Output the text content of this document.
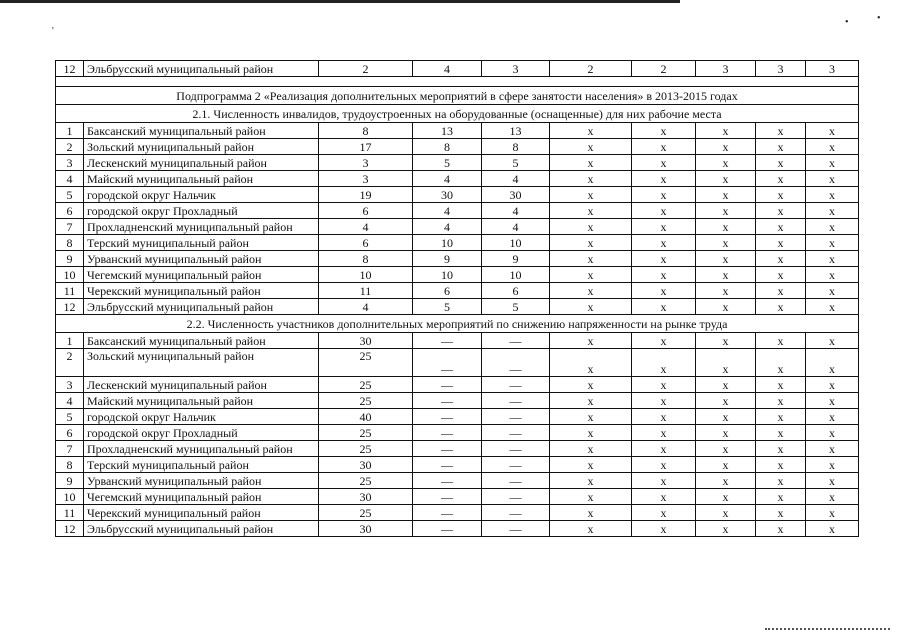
'
•	•
12	Эльбрусский муниципальный район	2	4	3	2	2	3	3	3

Подпрограмма 2 «Реализация дополнительных мероприятий в сфере занятости населения» в 2013-2015 годах									
2.1. Численность инвалидов, трудоустроенных на оборудованные (оснащенные) для них рабочие места									
1	Баксанский муниципальный район	8	13	13	x	x	x	x	x
2	Зольский муниципальный район	17	8	8	x	x	x	x	x
3	Лескенский муниципальный район	3	5	5	x	x	x	x	x
4	Майский муниципальный район	3	4	4	x	x	x	x	x
5	городской округ Нальчик	19	30	30	x	x	x	x	x
6	городской округ Прохладный	6	4	4	x	x	x	x	x
7	Прохладненский муниципальный район	4	4	4	x	x	x	x	x
8	Терский муниципальный район	6	10	10	x	x	x	x	x
9	Урванский муниципальный район	8	9	9	x	x	x	x	x
10	Чегемский муниципальный район	10	10	10	x	x	x	x	x
11	Черекский муниципальный район	11	6	6	x	x	x	x	x
12	Эльбрусский муниципальный район	4	5	5	x	x	x	x	x
2.2. Численность участников дополнительных мероприятий по снижению напряженности на рынке труда									
1	Баксанский муниципальный район	30	—	—	x	x	x	x	x
2	Зольский муниципальный район	25	—	—	x	x	x	x	x
3	Лескенский муниципальный район	25	—	—	x	x	x	x	x
4	Майский муниципальный район	25	—	—	x	x	x	x	x
5	городской округ Нальчик	40	—	—	x	x	x	x	x
6	городской округ Прохладный	25	—	—	x	x	x	x	x
7	Прохладненский муниципальный район	25	—	—	x	x	x	x	x
8	Терский муниципальный район	30	—	—	x	x	x	x	x
9	Урванский муниципальный район	25	—	—	x	x	x	x	x
10	Чегемский муниципальный район	30	—	—	x	x	x	x	x
11	Черекский муниципальный район	25	—	—	x	x	x	x	x
12	Эльбрусский муниципальный район	30	—	—	x	x	x	x	x
